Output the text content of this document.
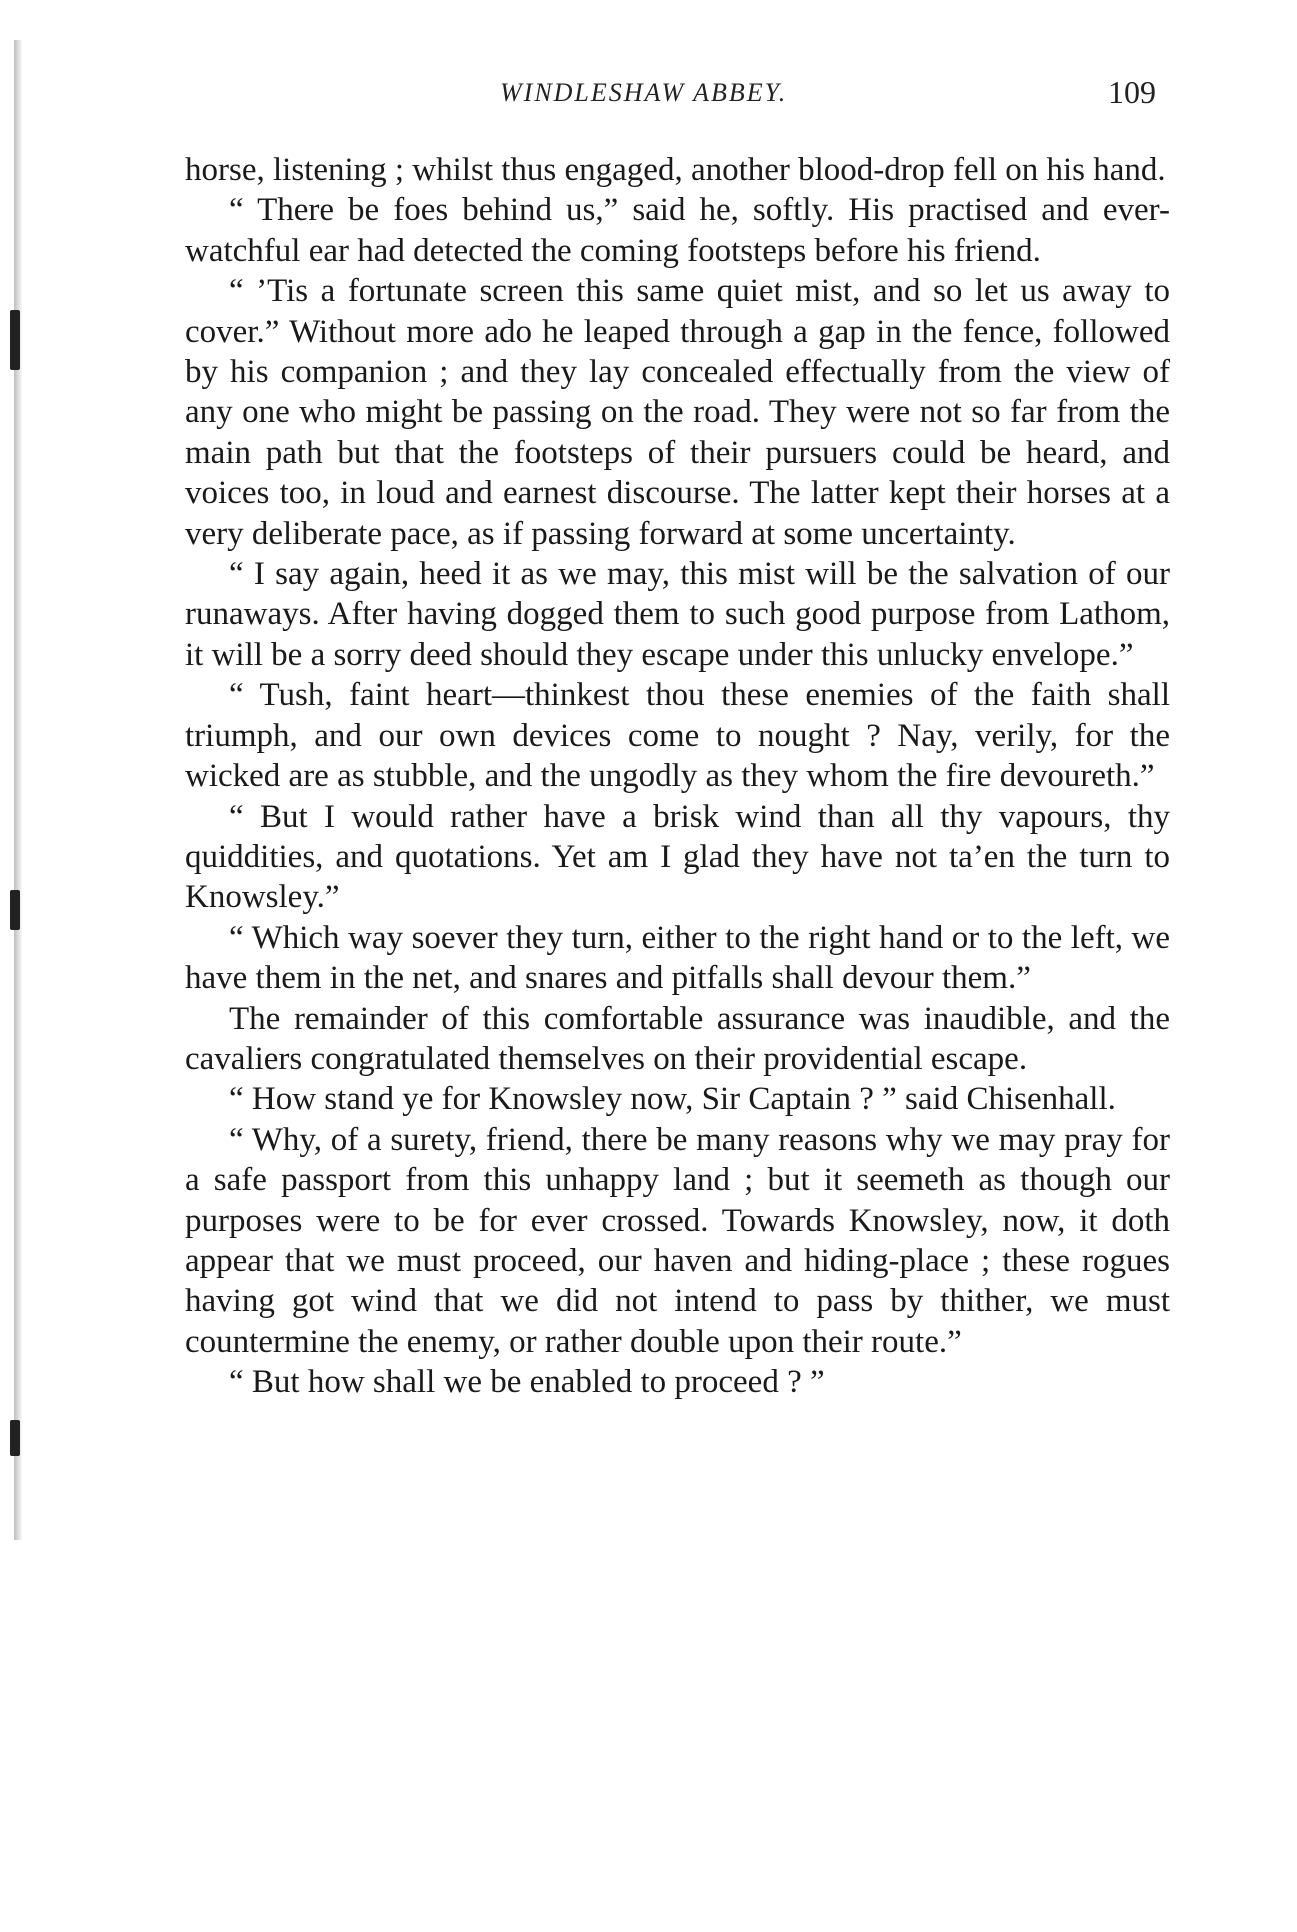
WINDLESHAW ABBEY.	109

horse, listening ; whilst thus engaged, another blood-drop fell on his hand.

“ There be foes behind us,” said he, softly. His practised and ever-watchful ear had detected the coming footsteps before his friend.

“ ’Tis a fortunate screen this same quiet mist, and so let us away to cover.” Without more ado he leaped through a gap in the fence, followed by his companion ; and they lay concealed effectually from the view of any one who might be passing on the road. They were not so far from the main path but that the footsteps of their pursuers could be heard, and voices too, in loud and earnest discourse. The latter kept their horses at a very deliberate pace, as if passing forward at some uncertainty.

“ I say again, heed it as we may, this mist will be the salvation of our runaways. After having dogged them to such good purpose from Lathom, it will be a sorry deed should they escape under this unlucky envelope.”

“ Tush, faint heart—thinkest thou these enemies of the faith shall triumph, and our own devices come to nought ? Nay, verily, for the wicked are as stubble, and the ungodly as they whom the fire devoureth.”

“ But I would rather have a brisk wind than all thy vapours, thy quiddities, and quotations. Yet am I glad they have not ta’en the turn to Knowsley.”

“ Which way soever they turn, either to the right hand or to the left, we have them in the net, and snares and pitfalls shall devour them.”

The remainder of this comfortable assurance was inaudible, and the cavaliers congratulated themselves on their providential escape.

“ How stand ye for Knowsley now, Sir Captain ? ” said Chisenhall.

“ Why, of a surety, friend, there be many reasons why we may pray for a safe passport from this unhappy land ; but it seemeth as though our purposes were to be for ever crossed. Towards Knowsley, now, it doth appear that we must proceed, our haven and hiding-place ; these rogues having got wind that we did not intend to pass by thither, we must countermine the enemy, or rather double upon their route.”

“ But how shall we be enabled to proceed ? ”
